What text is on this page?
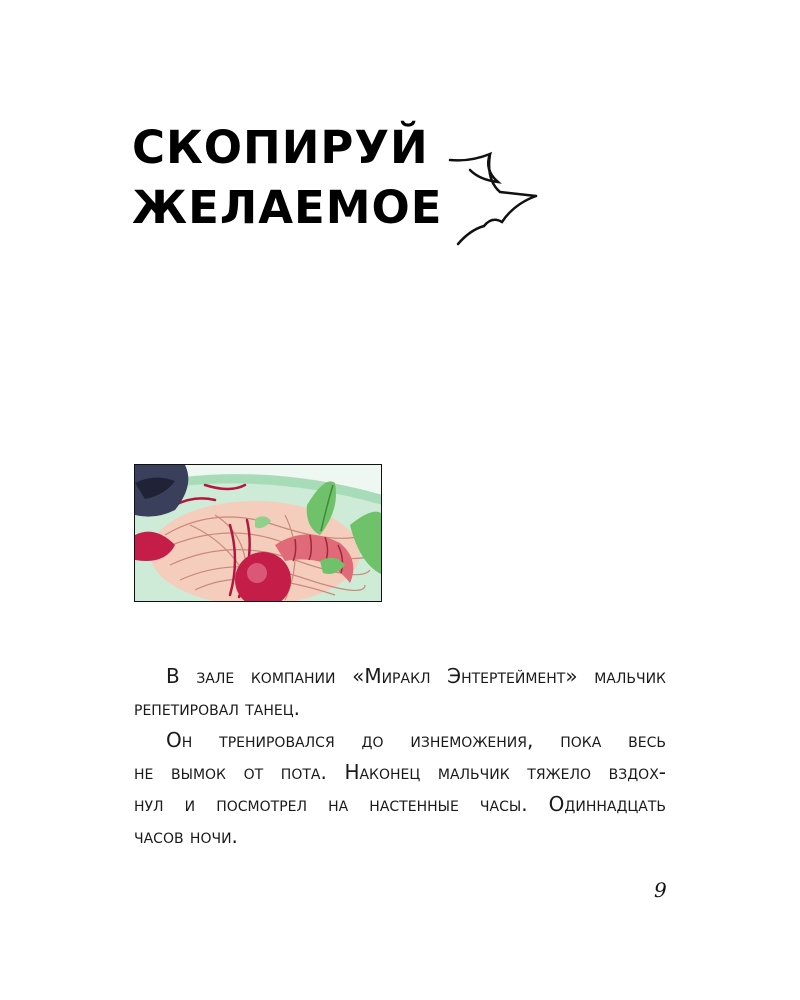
СКОПИРУЙ
ЖЕЛАЕМОЕ

В зале компании «Миракл Энтертеймент» мальчик
репетировал танец.

Он тренировался до изнеможения, пока весь
не вымок от пота. Наконец мальчик тяжело вздох-
нул и посмотрел на настенные часы. Одиннадцать
часов ночи.

9
